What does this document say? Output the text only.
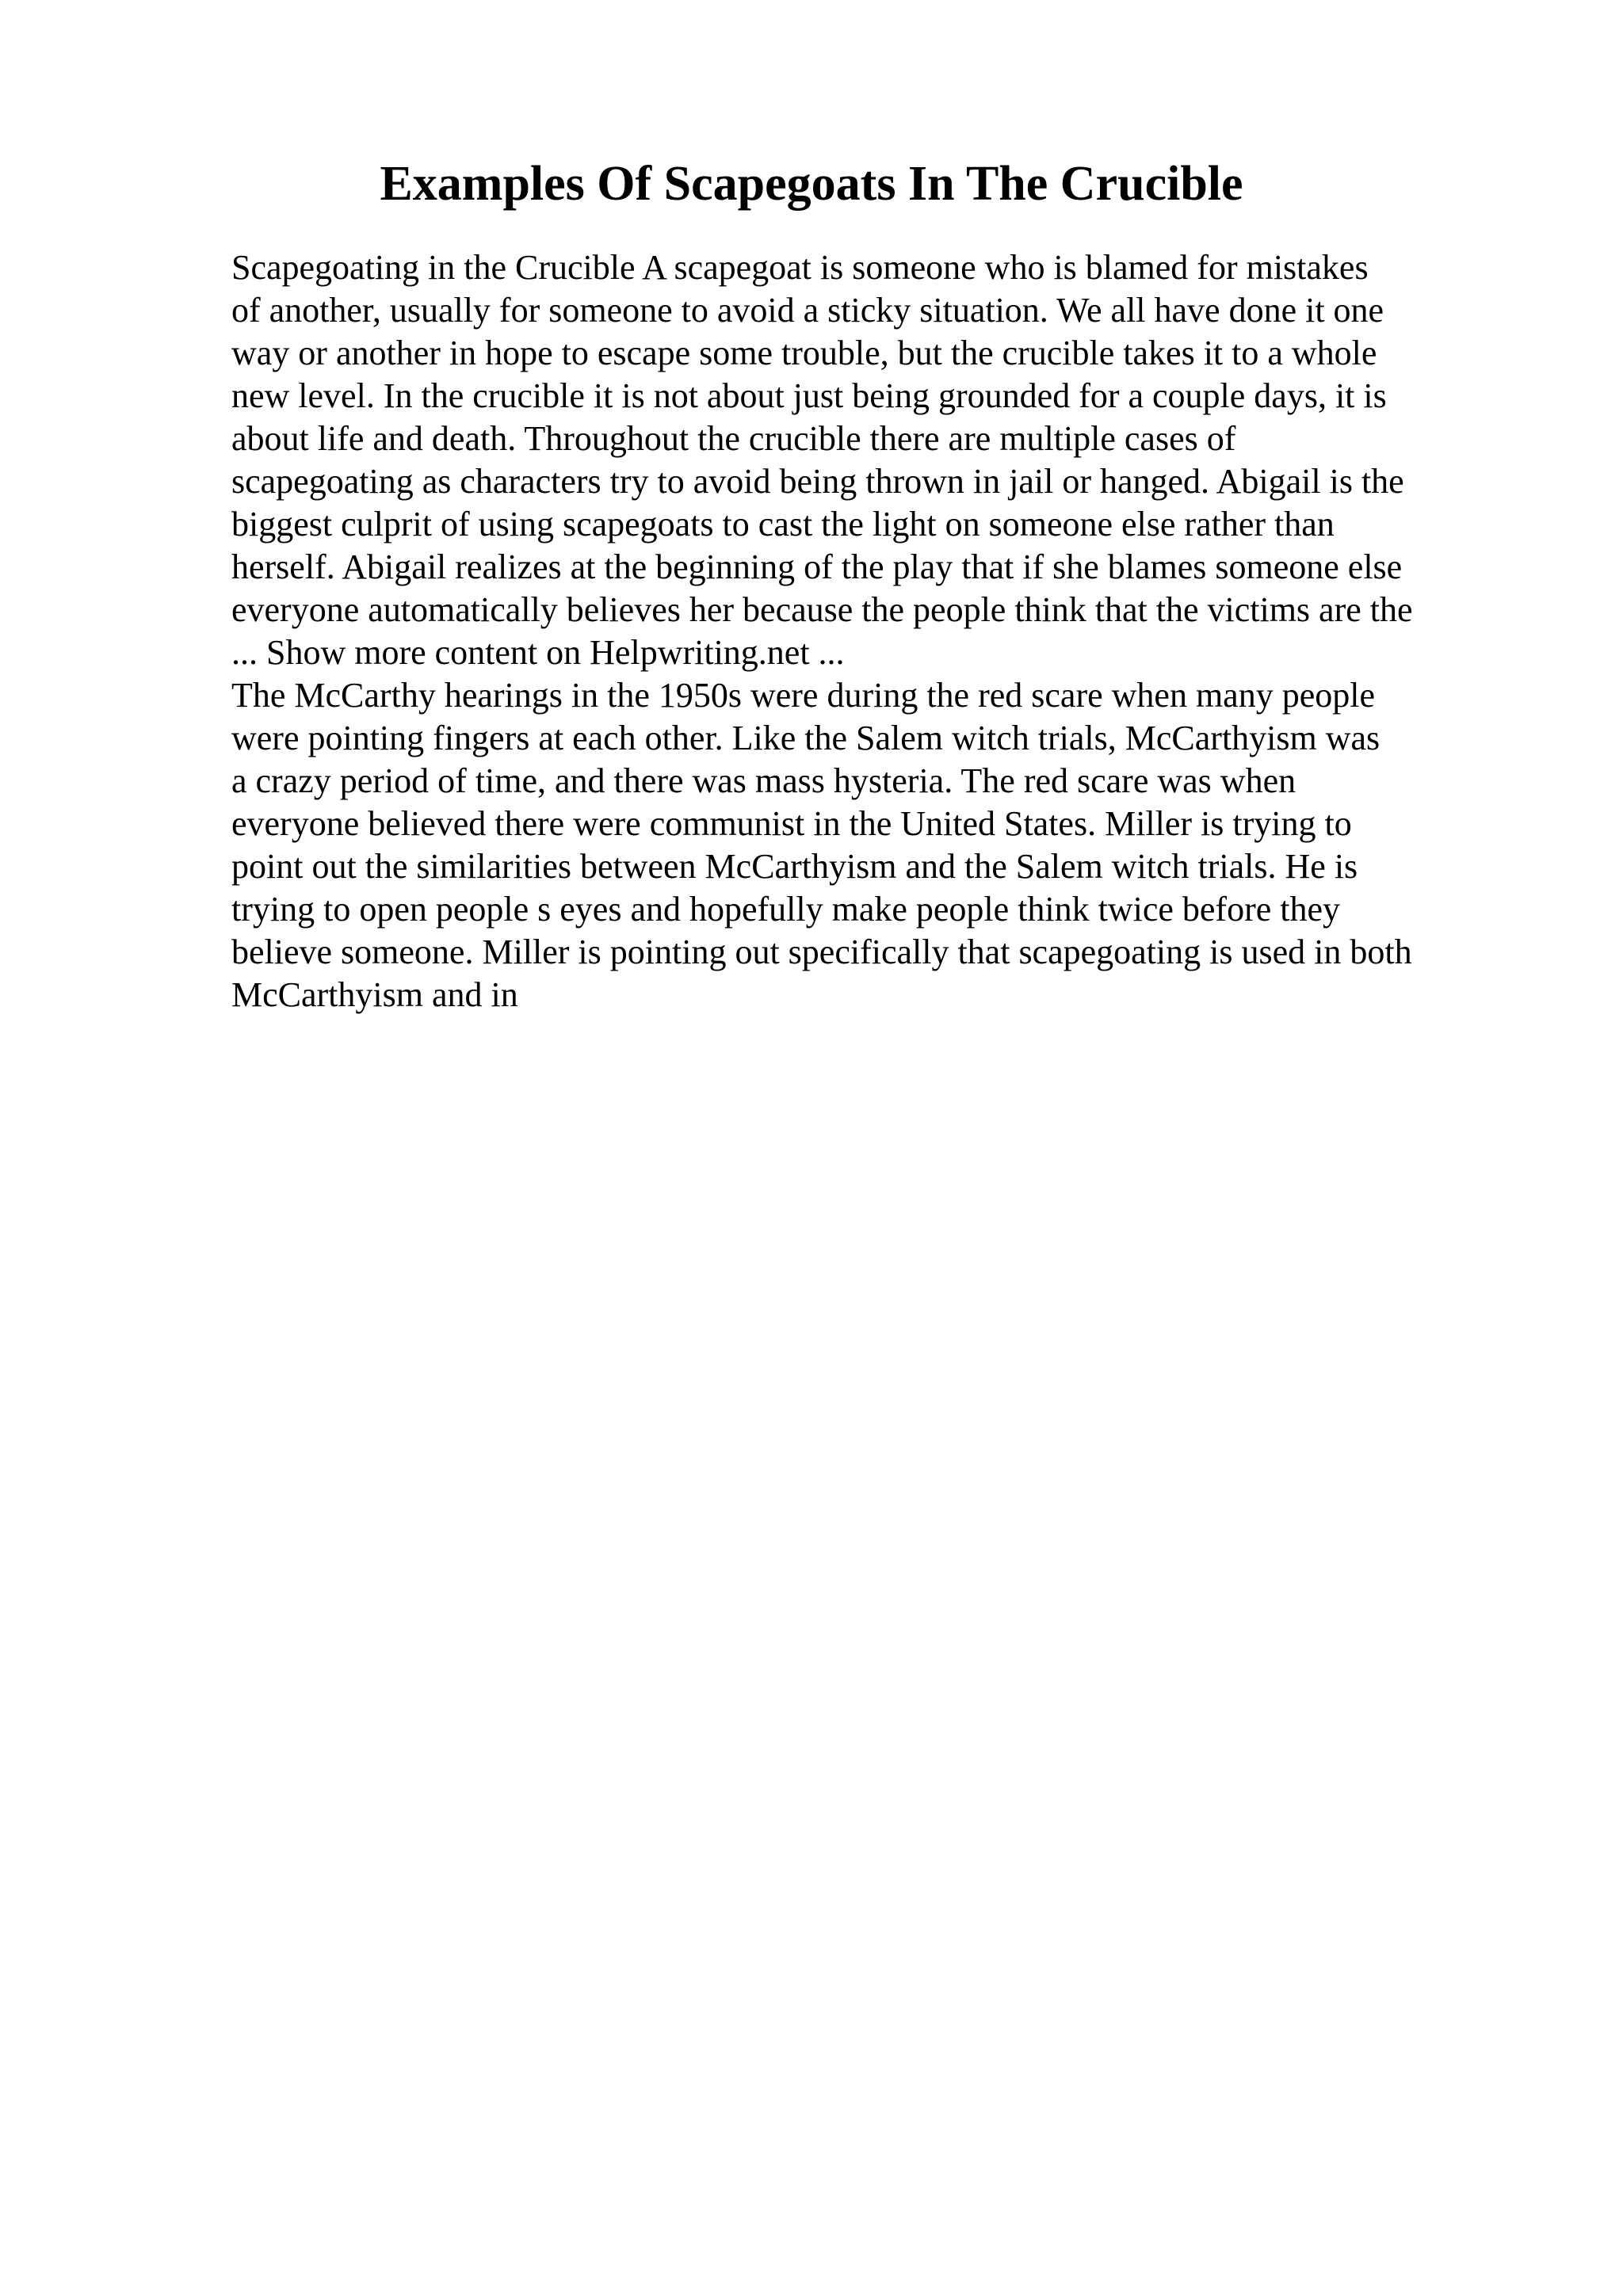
Examples Of Scapegoats In The Crucible
Scapegoating in the Crucible A scapegoat is someone who is blamed for mistakes
of another, usually for someone to avoid a sticky situation. We all have done it one
way or another in hope to escape some trouble, but the crucible takes it to a whole
new level. In the crucible it is not about just being grounded for a couple days, it is
about life and death. Throughout the crucible there are multiple cases of
scapegoating as characters try to avoid being thrown in jail or hanged. Abigail is the
biggest culprit of using scapegoats to cast the light on someone else rather than
herself. Abigail realizes at the beginning of the play that if she blames someone else
everyone automatically believes her because the people think that the victims are the
... Show more content on Helpwriting.net ...
The McCarthy hearings in the 1950s were during the red scare when many people
were pointing fingers at each other. Like the Salem witch trials, McCarthyism was
a crazy period of time, and there was mass hysteria. The red scare was when
everyone believed there were communist in the United States. Miller is trying to
point out the similarities between McCarthyism and the Salem witch trials. He is
trying to open people s eyes and hopefully make people think twice before they
believe someone. Miller is pointing out specifically that scapegoating is used in both
McCarthyism and in
